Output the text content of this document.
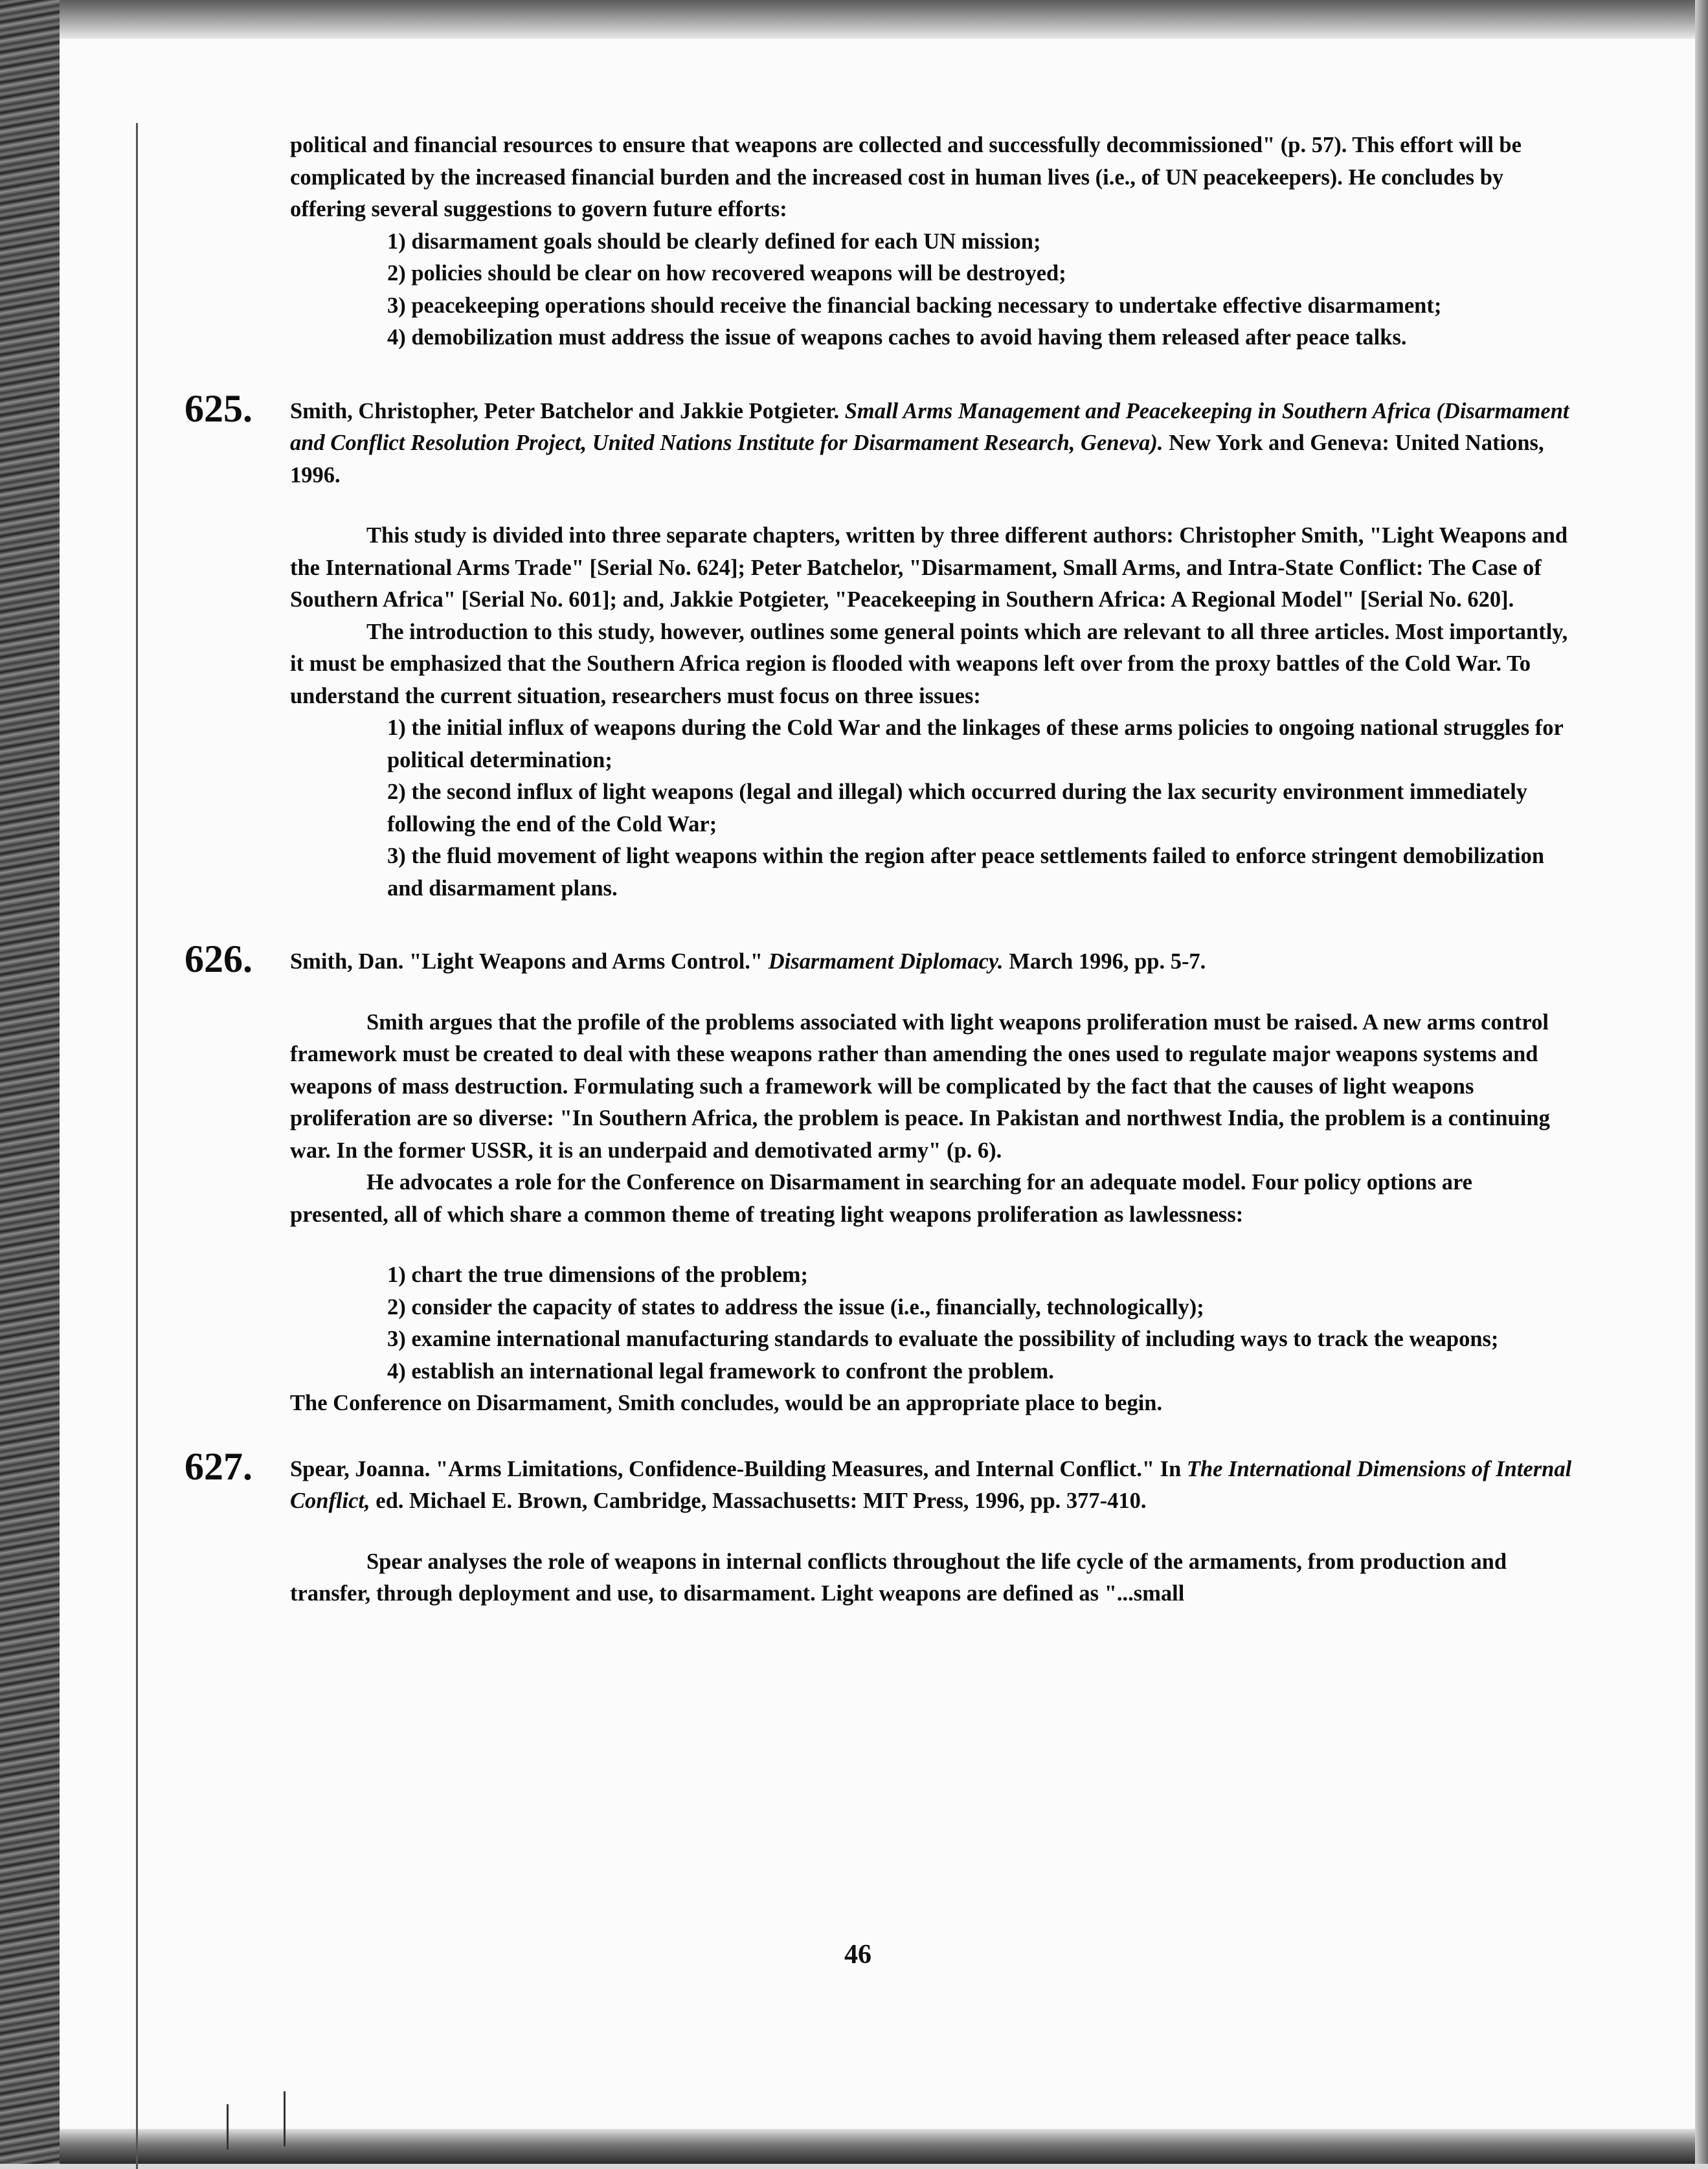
political and financial resources to ensure that weapons are collected and successfully decommissioned" (p. 57). This effort will be complicated by the increased financial burden and the increased cost in human lives (i.e., of UN peacekeepers). He concludes by offering several suggestions to govern future efforts:

1) disarmament goals should be clearly defined for each UN mission;
2) policies should be clear on how recovered weapons will be destroyed;
3) peacekeeping operations should receive the financial backing necessary to undertake effective disarmament;
4) demobilization must address the issue of weapons caches to avoid having them released after peace talks.
625. Smith, Christopher, Peter Batchelor and Jakkie Potgieter. Small Arms Management and Peacekeeping in Southern Africa (Disarmament and Conflict Resolution Project, United Nations Institute for Disarmament Research, Geneva). New York and Geneva: United Nations, 1996.

This study is divided into three separate chapters, written by three different authors: Christopher Smith, "Light Weapons and the International Arms Trade" [Serial No. 624]; Peter Batchelor, "Disarmament, Small Arms, and Intra-State Conflict: The Case of Southern Africa" [Serial No. 601]; and, Jakkie Potgieter, "Peacekeeping in Southern Africa: A Regional Model" [Serial No. 620].

The introduction to this study, however, outlines some general points which are relevant to all three articles. Most importantly, it must be emphasized that the Southern Africa region is flooded with weapons left over from the proxy battles of the Cold War. To understand the current situation, researchers must focus on three issues:

1) the initial influx of weapons during the Cold War and the linkages of these arms policies to ongoing national struggles for political determination;
2) the second influx of light weapons (legal and illegal) which occurred during the lax security environment immediately following the end of the Cold War;
3) the fluid movement of light weapons within the region after peace settlements failed to enforce stringent demobilization and disarmament plans.
626. Smith, Dan. "Light Weapons and Arms Control." Disarmament Diplomacy. March 1996, pp. 5-7.

Smith argues that the profile of the problems associated with light weapons proliferation must be raised. A new arms control framework must be created to deal with these weapons rather than amending the ones used to regulate major weapons systems and weapons of mass destruction. Formulating such a framework will be complicated by the fact that the causes of light weapons proliferation are so diverse: "In Southern Africa, the problem is peace. In Pakistan and northwest India, the problem is a continuing war. In the former USSR, it is an underpaid and demotivated army" (p. 6).

He advocates a role for the Conference on Disarmament in searching for an adequate model. Four policy options are presented, all of which share a common theme of treating light weapons proliferation as lawlessness:

1) chart the true dimensions of the problem;
2) consider the capacity of states to address the issue (i.e., financially, technologically);
3) examine international manufacturing standards to evaluate the possibility of including ways to track the weapons;
4) establish an international legal framework to confront the problem.

The Conference on Disarmament, Smith concludes, would be an appropriate place to begin.

627. Spear, Joanna. "Arms Limitations, Confidence-Building Measures, and Internal Conflict." In The International Dimensions of Internal Conflict, ed. Michael E. Brown, Cambridge, Massachusetts: MIT Press, 1996, pp. 377-410.

Spear analyses the role of weapons in internal conflicts throughout the life cycle of the armaments, from production and transfer, through deployment and use, to disarmament. Light weapons are defined as "...small

46
